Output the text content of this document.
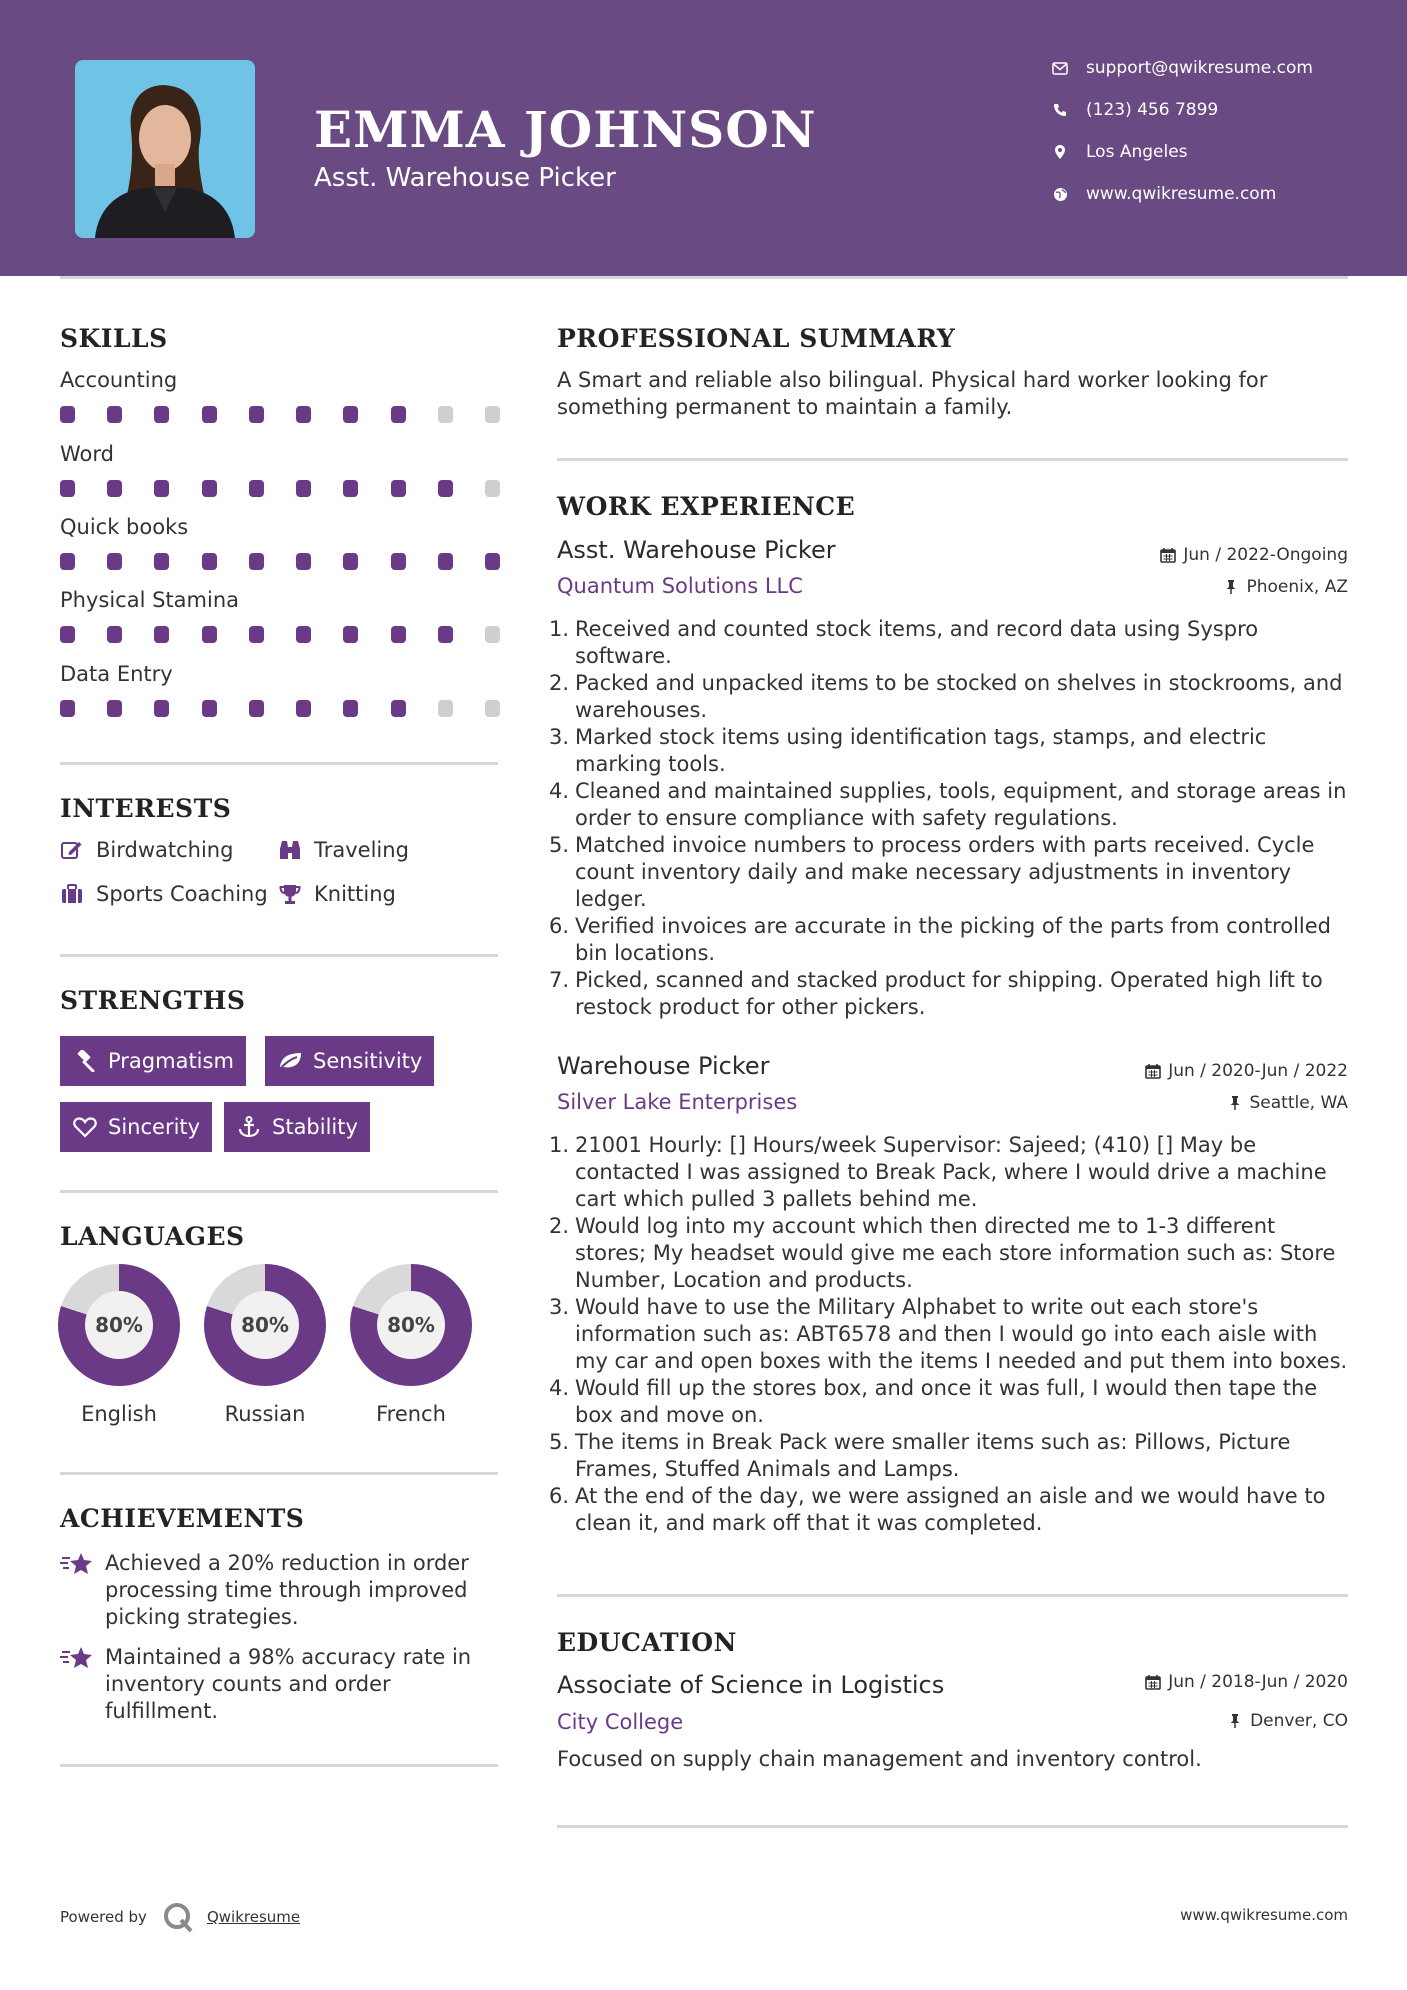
EMMA JOHNSON
Asst. Warehouse Picker
support@qwikresume.com
(123) 456 7899
Los Angeles
www.qwikresume.com
SKILLS
Accounting
Word
Quick books
Physical Stamina
Data Entry
INTERESTS
Birdwatching	Traveling
Sports Coaching Knitting
STRENGTHS
Pragmatism	Sensitivity
Sincerity	Stability
LANGUAGES
80%
English
80%
Russian
80%
French
ACHIEVEMENTS
Achieved a 20% reduction in order processing time through improved picking strategies.
Maintained a 98% accuracy rate in inventory counts and order fulfillment.
PROFESSIONAL SUMMARY
A Smart and reliable also bilingual. Physical hard worker looking for something permanent to maintain a family.
WORK EXPERIENCE
Asst. Warehouse Picker	Jun / 2022-Ongoing
Quantum Solutions LLC	Phoenix, AZ
1. Received and counted stock items, and record data using Syspro software.
2. Packed and unpacked items to be stocked on shelves in stockrooms, and warehouses.
3. Marked stock items using identification tags, stamps, and electric marking tools.
4. Cleaned and maintained supplies, tools, equipment, and storage areas in order to ensure compliance with safety regulations.
5. Matched invoice numbers to process orders with parts received. Cycle count inventory daily and make necessary adjustments in inventory ledger.
6. Verified invoices are accurate in the picking of the parts from controlled bin locations.
7. Picked, scanned and stacked product for shipping. Operated high lift to restock product for other pickers.
Warehouse Picker	Jun / 2020-Jun / 2022
Silver Lake Enterprises	Seattle, WA
1. 21001 Hourly: [] Hours/week Supervisor: Sajeed; (410) [] May be contacted I was assigned to Break Pack, where I would drive a machine cart which pulled 3 pallets behind me.
2. Would log into my account which then directed me to 1-3 different stores; My headset would give me each store information such as: Store Number, Location and products.
3. Would have to use the Military Alphabet to write out each store's information such as: ABT6578 and then I would go into each aisle with my car and open boxes with the items I needed and put them into boxes.
4. Would fill up the stores box, and once it was full, I would then tape the box and move on.
5. The items in Break Pack were smaller items such as: Pillows, Picture Frames, Stuffed Animals and Lamps.
6. At the end of the day, we were assigned an aisle and we would have to clean it, and mark off that it was completed.
EDUCATION
Associate of Science in Logistics	Jun / 2018-Jun / 2020
City College	Denver, CO
Focused on supply chain management and inventory control.
Powered by	Qwikresume	www.qwikresume.com
